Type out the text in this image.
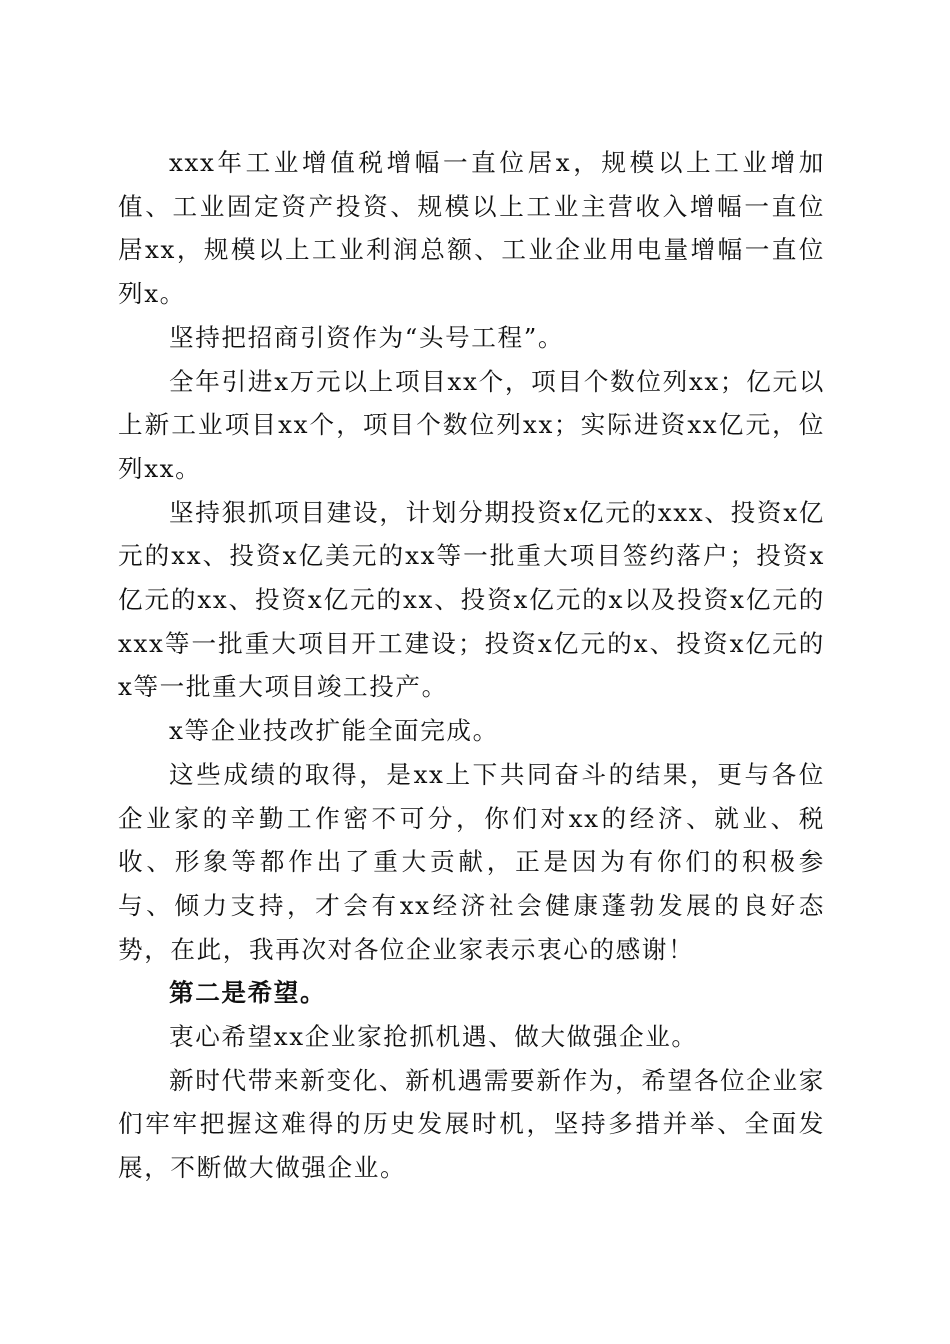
xxx年工业增值税增幅一直位居x，规模以上工业增加值、工业固定资产投资、规模以上工业主营收入增幅一直位居xx，规模以上工业利润总额、工业企业用电量增幅一直位列x。

坚持把招商引资作为“头号工程”。

全年引进x万元以上项目xx个，项目个数位列xx；亿元以上新工业项目xx个，项目个数位列xx；实际进资xx亿元，位列xx。

坚持狠抓项目建设，计划分期投资x亿元的xxx、投资x亿元的xx、投资x亿美元的xx等一批重大项目签约落户；投资x亿元的xx、投资x亿元的xx、投资x亿元的x以及投资x亿元的xxx等一批重大项目开工建设；投资x亿元的x、投资x亿元的x等一批重大项目竣工投产。

x等企业技改扩能全面完成。

这些成绩的取得，是xx上下共同奋斗的结果，更与各位企业家的辛勤工作密不可分，你们对xx的经济、就业、税收、形象等都作出了重大贡献，正是因为有你们的积极参与、倾力支持，才会有xx经济社会健康蓬勃发展的良好态势，在此，我再次对各位企业家表示衷心的感谢！

第二是希望。

衷心希望xx企业家抢抓机遇、做大做强企业。

新时代带来新变化、新机遇需要新作为，希望各位企业家们牢牢把握这难得的历史发展时机，坚持多措并举、全面发展，不断做大做强企业。
